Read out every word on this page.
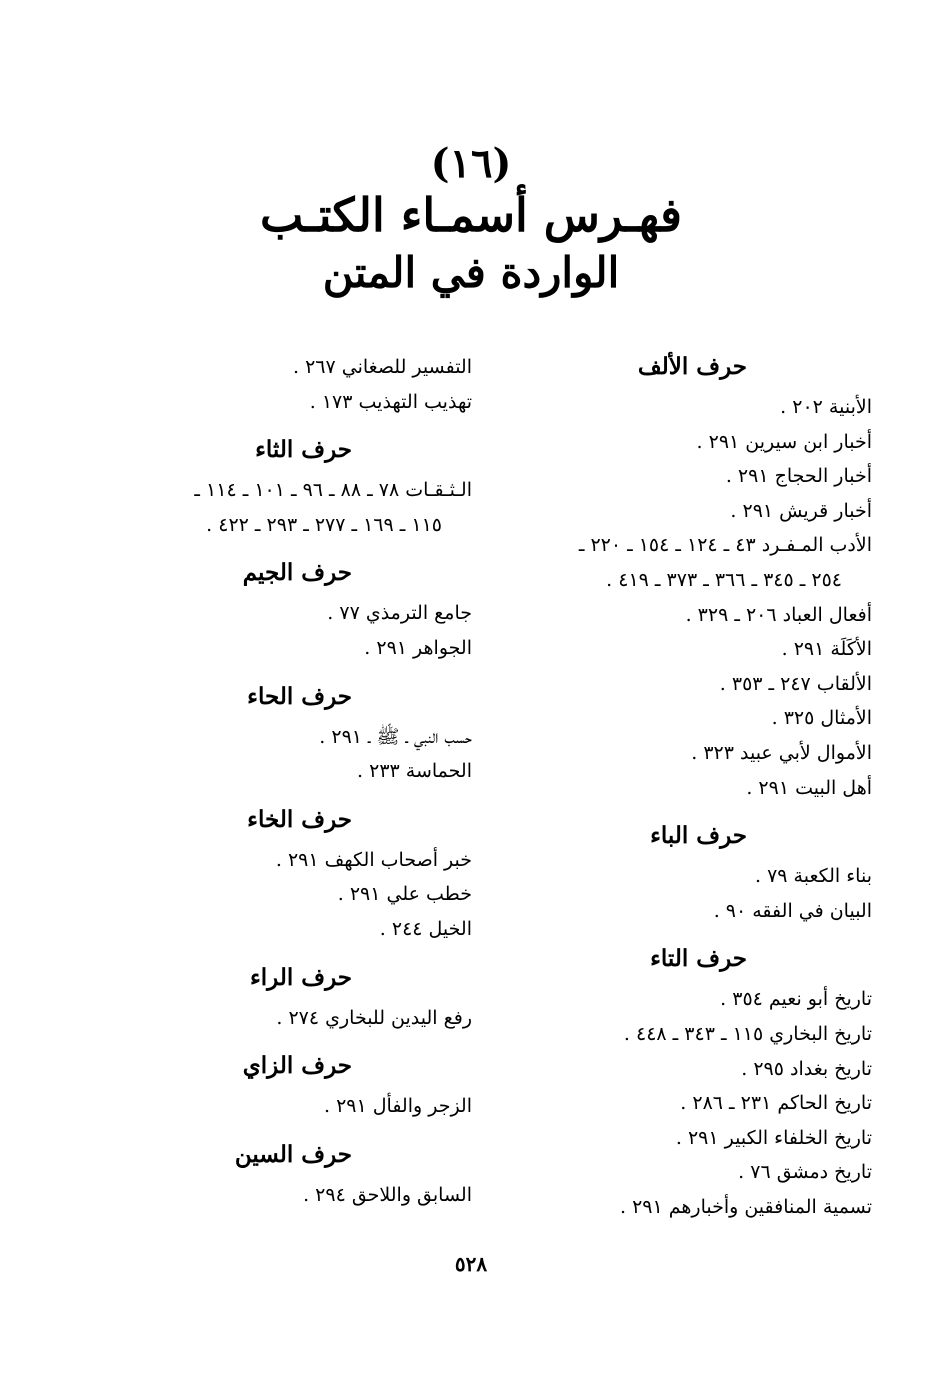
(١٦)
فهـرس أسمـاء الكتـب
الواردة في المتن
حرف الألف
الأبنية ٢٠٢ .
أخبار ابن سيرين ٢٩١ .
أخبار الحجاج ٢٩١ .
أخبار قريش ٢٩١ .
الأدب المـفـرد ٤٣ ـ ١٢٤ ـ ١٥٤ ـ ٢٢٠ ـ
٢٥٤ ـ ٣٤٥ ـ ٣٦٦ ـ ٣٧٣ ـ ٤١٩ .
أفعال العباد ٢٠٦ ـ ٣٢٩ .
الأكَلَة ٢٩١ .
الألقاب ٢٤٧ ـ ٣٥٣ .
الأمثال ٣٢٥ .
الأموال لأبي عبيد ٣٢٣ .
أهل البيت ٢٩١ .
حرف الباء
بناء الكعبة ٧٩ .
البيان في الفقه ٩٠ .
حرف التاء
تاريخ أبو نعيم ٣٥٤ .
تاريخ البخاري ١١٥ ـ ٣٤٣ ـ ٤٤٨ .
تاريخ بغداد ٢٩٥ .
تاريخ الحاكم ٢٣١ ـ ٢٨٦ .
تاريخ الخلفاء الكبير ٢٩١ .
تاريخ دمشق ٧٦ .
تسمية المنافقين وأخبارهم ٢٩١ .
التفسير للصغاني ٢٦٧ .
تهذيب التهذيب ١٧٣ .
حرف الثاء
الـثـقـات ٧٨ ـ ٨٨ ـ ٩٦ ـ ١٠١ ـ ١١٤ ـ
١١٥ ـ ١٦٩ ـ ٢٧٧ ـ ٢٩٣ ـ ٤٢٢ .
حرف الجيم
جامع الترمذي ٧٧ .
الجواهر ٢٩١ .
حرف الحاء
حسب النبي ـ ﷺ ـ ٢٩١ .
الحماسة ٢٣٣ .
حرف الخاء
خبر أصحاب الكهف ٢٩١ .
خطب علي ٢٩١ .
الخيل ٢٤٤ .
حرف الراء
رفع اليدين للبخاري ٢٧٤ .
حرف الزاي
الزجر والفأل ٢٩١ .
حرف السين
السابق واللاحق ٢٩٤ .
٥٢٨
